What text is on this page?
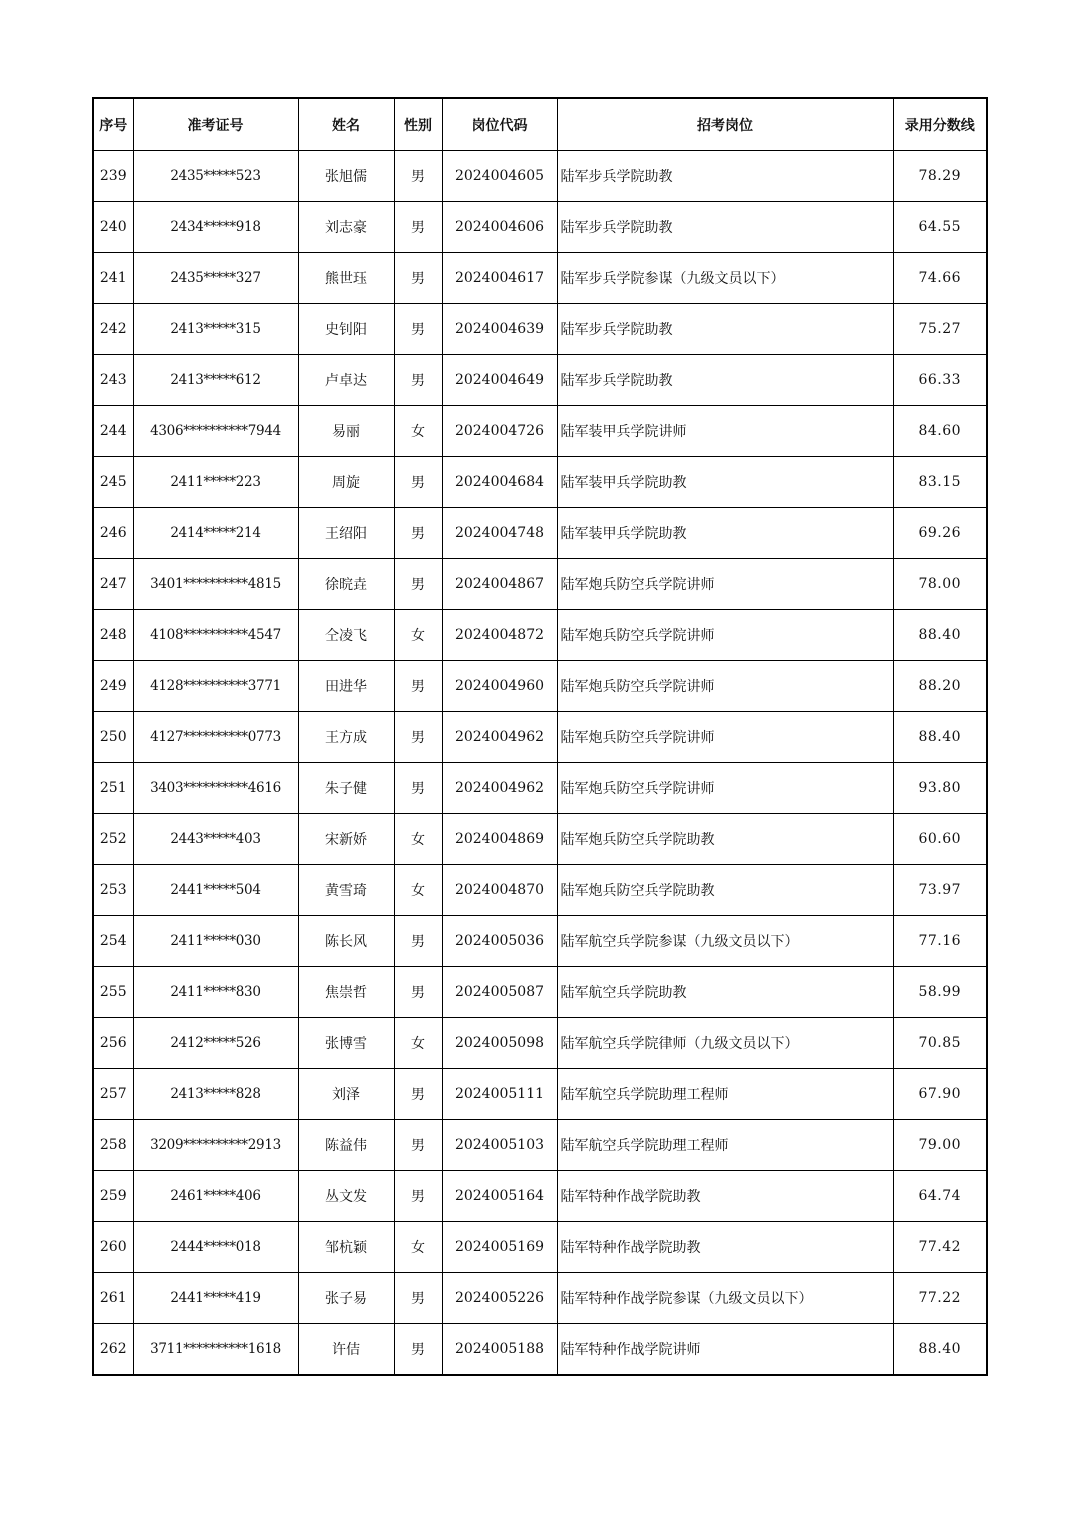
序号	准考证号	姓名	性别	岗位代码	招考岗位	录用分数线
239	2435*****523	张旭儒	男	2024004605	陆军步兵学院助教	78.29
240	2434*****918	刘志豪	男	2024004606	陆军步兵学院助教	64.55
241	2435*****327	熊世珏	男	2024004617	陆军步兵学院参谋（九级文员以下）	74.66
242	2413*****315	史钊阳	男	2024004639	陆军步兵学院助教	75.27
243	2413*****612	卢卓达	男	2024004649	陆军步兵学院助教	66.33
244	4306**********7944	易丽	女	2024004726	陆军装甲兵学院讲师	84.60
245	2411*****223	周旋	男	2024004684	陆军装甲兵学院助教	83.15
246	2414*****214	王绍阳	男	2024004748	陆军装甲兵学院助教	69.26
247	3401**********4815	徐晥垚	男	2024004867	陆军炮兵防空兵学院讲师	78.00
248	4108**********4547	仝凌飞	女	2024004872	陆军炮兵防空兵学院讲师	88.40
249	4128**********3771	田进华	男	2024004960	陆军炮兵防空兵学院讲师	88.20
250	4127**********0773	王方成	男	2024004962	陆军炮兵防空兵学院讲师	88.40
251	3403**********4616	朱子健	男	2024004962	陆军炮兵防空兵学院讲师	93.80
252	2443*****403	宋新娇	女	2024004869	陆军炮兵防空兵学院助教	60.60
253	2441*****504	黄雪琦	女	2024004870	陆军炮兵防空兵学院助教	73.97
254	2411*****030	陈长风	男	2024005036	陆军航空兵学院参谋（九级文员以下）	77.16
255	2411*****830	焦崇哲	男	2024005087	陆军航空兵学院助教	58.99
256	2412*****526	张博雪	女	2024005098	陆军航空兵学院律师（九级文员以下）	70.85
257	2413*****828	刘泽	男	2024005111	陆军航空兵学院助理工程师	67.90
258	3209**********2913	陈益伟	男	2024005103	陆军航空兵学院助理工程师	79.00
259	2461*****406	丛文发	男	2024005164	陆军特种作战学院助教	64.74
260	2444*****018	邹杭颖	女	2024005169	陆军特种作战学院助教	77.42
261	2441*****419	张子易	男	2024005226	陆军特种作战学院参谋（九级文员以下）	77.22
262	3711**********1618	许佶	男	2024005188	陆军特种作战学院讲师	88.40
